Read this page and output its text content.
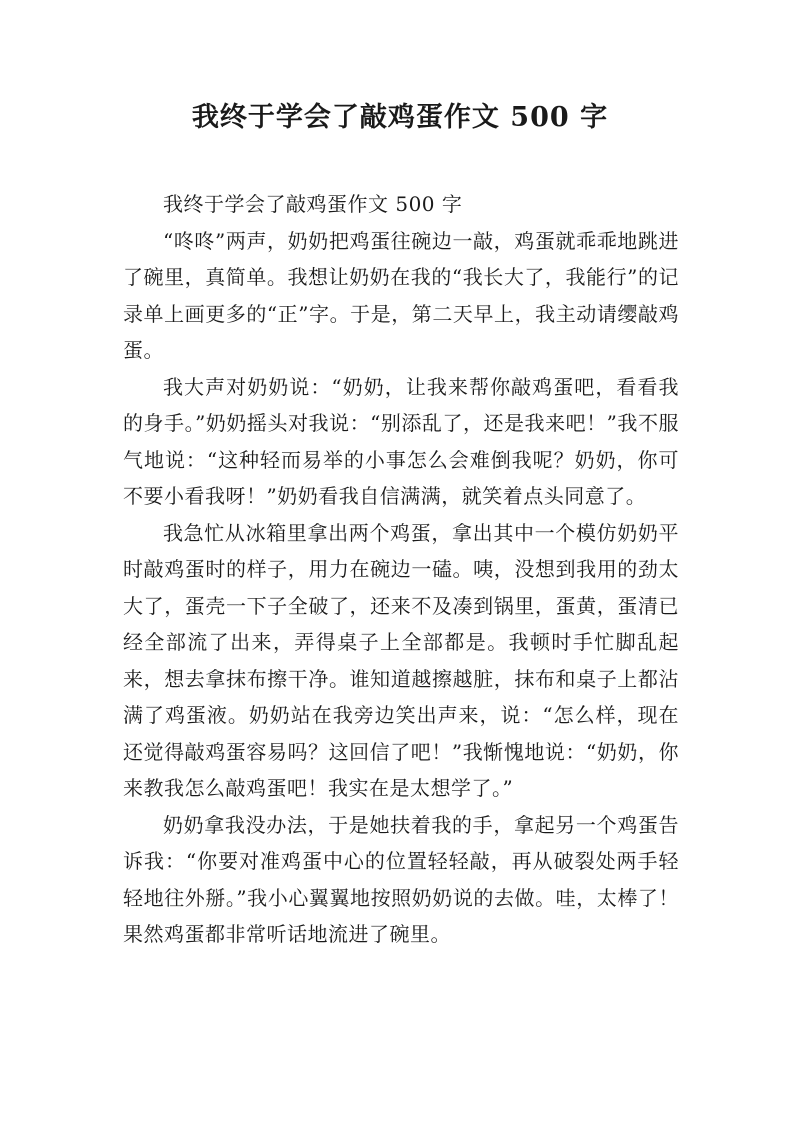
我终于学会了敲鸡蛋作文 500 字

我终于学会了敲鸡蛋作文 500 字

“咚咚”两声，奶奶把鸡蛋往碗边一敲，鸡蛋就乖乖地跳进了碗里，真简单。我想让奶奶在我的“我长大了，我能行”的记录单上画更多的“正”字。于是，第二天早上，我主动请缨敲鸡蛋。

我大声对奶奶说：“奶奶，让我来帮你敲鸡蛋吧，看看我的身手。”奶奶摇头对我说：“别添乱了，还是我来吧！”我不服气地说：“这种轻而易举的小事怎么会难倒我呢？奶奶，你可不要小看我呀！”奶奶看我自信满满，就笑着点头同意了。

我急忙从冰箱里拿出两个鸡蛋，拿出其中一个模仿奶奶平时敲鸡蛋时的样子，用力在碗边一磕。咦，没想到我用的劲太大了，蛋壳一下子全破了，还来不及凑到锅里，蛋黄，蛋清已经全部流了出来，弄得桌子上全部都是。我顿时手忙脚乱起来，想去拿抹布擦干净。谁知道越擦越脏，抹布和桌子上都沾满了鸡蛋液。奶奶站在我旁边笑出声来，说：“怎么样，现在还觉得敲鸡蛋容易吗？这回信了吧！”我惭愧地说：“奶奶，你来教我怎么敲鸡蛋吧！我实在是太想学了。”

奶奶拿我没办法，于是她扶着我的手，拿起另一个鸡蛋告诉我：“你要对准鸡蛋中心的位置轻轻敲，再从破裂处两手轻轻地往外掰。”我小心翼翼地按照奶奶说的去做。哇，太棒了！果然鸡蛋都非常听话地流进了碗里。
